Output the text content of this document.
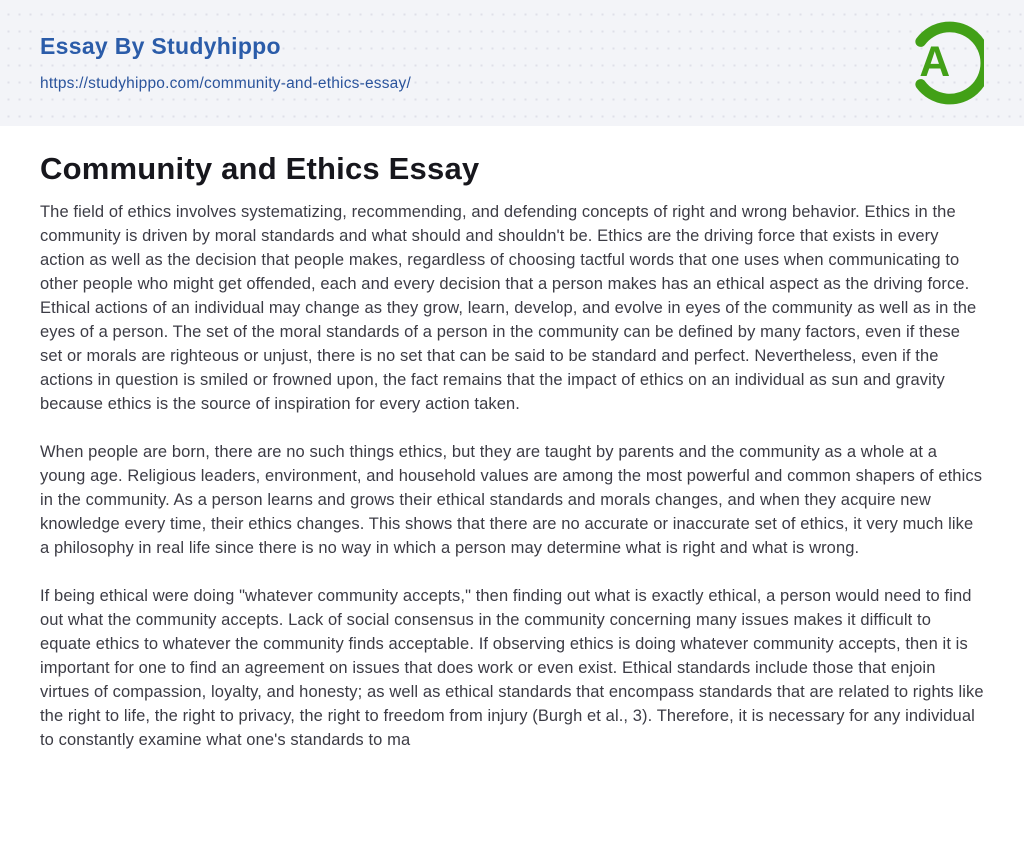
Essay By Studyhippo
https://studyhippo.com/community-and-ethics-essay/	A
Community and Ethics Essay

The field of ethics involves systematizing, recommending, and defending concepts of right and wrong behavior. Ethics in the community is driven by moral standards and what should and shouldn't be. Ethics are the driving force that exists in every action as well as the decision that people makes, regardless of choosing tactful words that one uses when communicating to other people who might get offended, each and every decision that a person makes has an ethical aspect as the driving force. Ethical actions of an individual may change as they grow, learn, develop, and evolve in eyes of the community as well as in the eyes of a person. The set of the moral standards of a person in the community can be defined by many factors, even if these set or morals are righteous or unjust, there is no set that can be said to be standard and perfect. Nevertheless, even if the actions in question is smiled or frowned upon, the fact remains that the impact of ethics on an individual as sun and gravity because ethics is the source of inspiration for every action taken.

When people are born, there are no such things ethics, but they are taught by parents and the community as a whole at a young age. Religious leaders, environment, and household values are among the most powerful and common shapers of ethics in the community. As a person learns and grows their ethical standards and morals changes, and when they acquire new knowledge every time, their ethics changes. This shows that there are no accurate or inaccurate set of ethics, it very much like a philosophy in real life since there is no way in which a person may determine what is right and what is wrong.

If being ethical were doing "whatever community accepts," then finding out what is exactly ethical, a person would need to find out what the community accepts. Lack of social consensus in the community concerning many issues makes it difficult to equate ethics to whatever the community finds acceptable. If observing ethics is doing whatever community accepts, then it is important for one to find an agreement on issues that does work or even exist. Ethical standards include those that enjoin virtues of compassion, loyalty, and honesty; as well as ethical standards that encompass standards that are related to rights like the right to life, the right to privacy, the right to freedom from injury (Burgh et al., 3). Therefore, it is necessary for any individual to constantly examine what one's standards to ma
